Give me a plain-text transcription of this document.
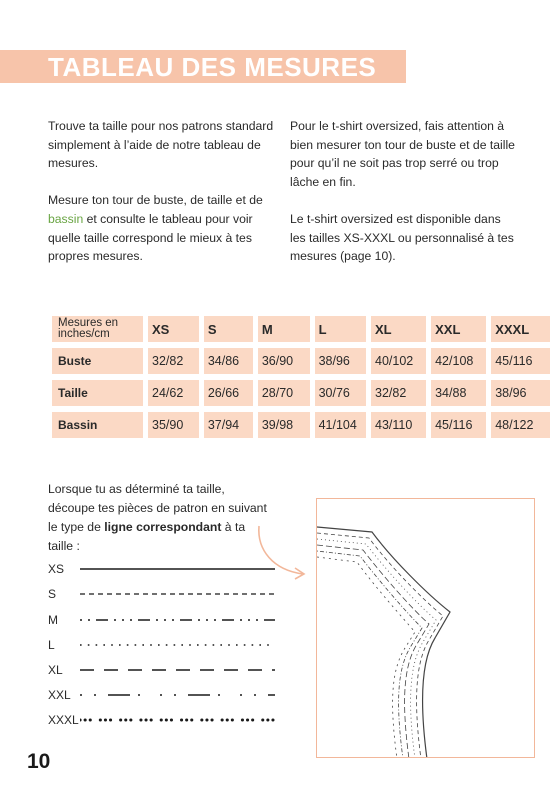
TABLEAU DES MESURES

Trouve ta taille pour nos patrons standard simplement à l’aide de notre tableau de mesures.

Mesure ton tour de buste, de taille et de bassin et consulte le tableau pour voir quelle taille correspond le mieux à tes propres mesures.

Pour le t-shirt oversized, fais attention à bien mesurer ton tour de buste et de taille pour qu’il ne soit pas trop serré ou trop lâche en fin.

Le t-shirt oversized est disponible dans les tailles XS-XXXL ou personnalisé à tes mesures (page 10).

Mesures en inches/cm	XS	S	M	L	XL	XXL	XXXL
Buste	32/82	34/86	36/90	38/96	40/102	42/108	45/116
Taille	24/62	26/66	28/70	30/76	32/82	34/88	38/96
Bassin	35/90	37/94	39/98	41/104	43/110	45/116	48/122
Lorsque tu as déterminé ta taille, découpe tes pièces de patron en suivant le type de ligne correspondant à ta taille :
XS
S
M
L
XL
XXL
XXXL
10
